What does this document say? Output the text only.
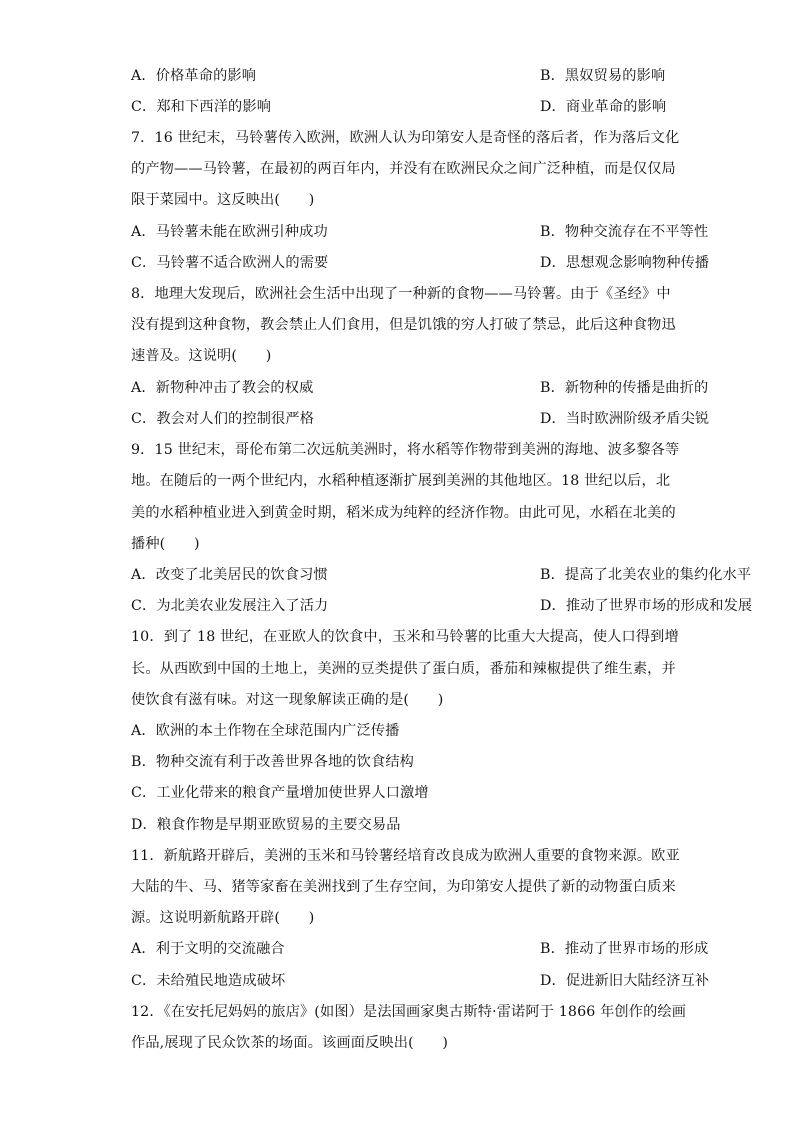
A．价格革命的影响	B．黑奴贸易的影响
C．郑和下西洋的影响	D．商业革命的影响
7．16 世纪末，马铃薯传入欧洲，欧洲人认为印第安人是奇怪的落后者，作为落后文化
的产物——马铃薯，在最初的两百年内，并没有在欧洲民众之间广泛种植，而是仅仅局
限于菜园中。这反映出(　　)
A．马铃薯未能在欧洲引种成功	B．物种交流存在不平等性
C．马铃薯不适合欧洲人的需要	D．思想观念影响物种传播
8．地理大发现后，欧洲社会生活中出现了一种新的食物——马铃薯。由于《圣经》中
没有提到这种食物，教会禁止人们食用，但是饥饿的穷人打破了禁忌，此后这种食物迅
速普及。这说明(　　)
A．新物种冲击了教会的权威	B．新物种的传播是曲折的
C．教会对人们的控制很严格	D．当时欧洲阶级矛盾尖锐
9．15 世纪末，哥伦布第二次远航美洲时，将水稻等作物带到美洲的海地、波多黎各等
地。在随后的一两个世纪内，水稻种植逐渐扩展到美洲的其他地区。18 世纪以后，北
美的水稻种植业进入到黄金时期，稻米成为纯粹的经济作物。由此可见，水稻在北美的
播种(　　)
A．改变了北美居民的饮食习惯	B．提高了北美农业的集约化水平
C．为北美农业发展注入了活力	D．推动了世界市场的形成和发展
10．到了 18 世纪，在亚欧人的饮食中，玉米和马铃薯的比重大大提高，使人口得到增
长。从西欧到中国的土地上，美洲的豆类提供了蛋白质，番茄和辣椒提供了维生素，并
使饮食有滋有味。对这一现象解读正确的是(　　)
A．欧洲的本土作物在全球范围内广泛传播
B．物种交流有利于改善世界各地的饮食结构
C．工业化带来的粮食产量增加使世界人口激增
D．粮食作物是早期亚欧贸易的主要交易品
11．新航路开辟后，美洲的玉米和马铃薯经培育改良成为欧洲人重要的食物来源。欧亚
大陆的牛、马、猪等家畜在美洲找到了生存空间，为印第安人提供了新的动物蛋白质来
源。这说明新航路开辟(　　)
A．利于文明的交流融合	B．推动了世界市场的形成
C．未给殖民地造成破坏	D．促进新旧大陆经济互补
12．《在安托尼妈妈的旅店》(如图）是法国画家奥古斯特·雷诺阿于 1866 年创作的绘画
作品,展现了民众饮茶的场面。该画面反映出(　　)
